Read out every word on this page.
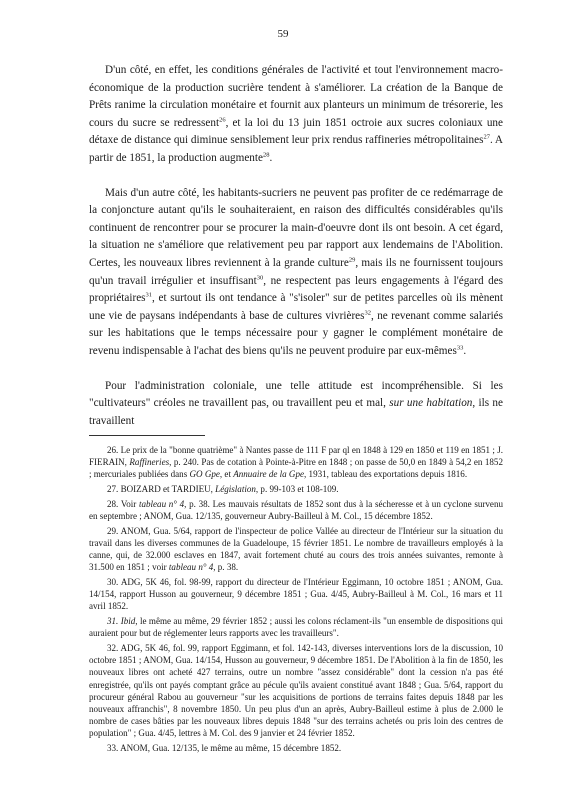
59

D'un côté, en effet, les conditions générales de l'activité et tout l'environnement macro-économique de la production sucrière tendent à s'améliorer. La création de la Banque de Prêts ranime la circulation monétaire et fournit aux planteurs un minimum de trésorerie, les cours du sucre se redressent$^{26}$, et la loi du 13 juin 1851 octroie aux sucres coloniaux une détaxe de distance qui diminue sensiblement leur prix rendus raffineries métropolitaines$^{27}$. A partir de 1851, la production augmente$^{28}$.

Mais d'un autre côté, les habitants-sucriers ne peuvent pas profiter de ce redémarrage de la conjoncture autant qu'ils le souhaiteraient, en raison des difficultés considérables qu'ils continuent de rencontrer pour se procurer la main-d'oeuvre dont ils ont besoin. A cet égard, la situation ne s'améliore que relativement peu par rapport aux lendemains de l'Abolition. Certes, les nouveaux libres reviennent à la grande culture$^{29}$, mais ils ne fournissent toujours qu'un travail irrégulier et insuffisant$^{30}$, ne respectent pas leurs engagements à l'égard des propriétaires$^{31}$, et surtout ils ont tendance à "s'isoler" sur de petites parcelles où ils mènent une vie de paysans indépendants à base de cultures vivrières$^{32}$, ne revenant comme salariés sur les habitations que le temps nécessaire pour y gagner le complément monétaire de revenu indispensable à l'achat des biens qu'ils ne peuvent produire par eux-mêmes$^{33}$.

Pour l'administration coloniale, une telle attitude est incompréhensible. Si les "cultivateurs" créoles ne travaillent pas, ou travaillent peu et mal, sur une habitation, ils ne travaillent

26. Le prix de la "bonne quatrième" à Nantes passe de 111 F par ql en 1848 à 129 en 1850 et 119 en 1851 ; J. FIERAIN, Raffineries, p. 240. Pas de cotation à Pointe-à-Pitre en 1848 ; on passe de 50,0 en 1849 à 54,2 en 1852 ; mercuriales publiées dans GO Gpe, et Annuaire de la Gpe, 1931, tableau des exportations depuis 1816.

27. BOIZARD et TARDIEU, Législation, p. 99-103 et 108-109.

28. Voir tableau n° 4, p. 38. Les mauvais résultats de 1852 sont dus à la sécheresse et à un cyclone survenu en septembre ; ANOM, Gua. 12/135, gouverneur Aubry-Bailleul à M. Col., 15 décembre 1852.

29. ANOM, Gua. 5/64, rapport de l'inspecteur de police Vallée au directeur de l'Intérieur sur la situation du travail dans les diverses communes de la Guadeloupe, 15 février 1851. Le nombre de travailleurs employés à la canne, qui, de 32.000 esclaves en 1847, avait fortement chuté au cours des trois années suivantes, remonte à 31.500 en 1851 ; voir tableau n° 4, p. 38.

30. ADG, 5K 46, fol. 98-99, rapport du directeur de l'Intérieur Eggimann, 10 octobre 1851 ; ANOM, Gua. 14/154, rapport Husson au gouverneur, 9 décembre 1851 ; Gua. 4/45, Aubry-Bailleul à M. Col., 16 mars et 11 avril 1852.

31. Ibid, le même au même, 29 février 1852 ; aussi les colons réclament-ils "un ensemble de dispositions qui auraient pour but de réglementer leurs rapports avec les travailleurs".

32. ADG, 5K 46, fol. 99, rapport Eggimann, et fol. 142-143, diverses interventions lors de la discussion, 10 octobre 1851 ; ANOM, Gua. 14/154, Husson au gouverneur, 9 décembre 1851. De l'Abolition à la fin de 1850, les nouveaux libres ont acheté 427 terrains, outre un nombre "assez considérable" dont la cession n'a pas été enregistrée, qu'ils ont payés comptant grâce au pécule qu'ils avaient constitué avant 1848 ; Gua. 5/64, rapport du procureur général Rabou au gouverneur "sur les acquisitions de portions de terrains faites depuis 1848 par les nouveaux affranchis", 8 novembre 1850. Un peu plus d'un an après, Aubry-Bailleul estime à plus de 2.000 le nombre de cases bâties par les nouveaux libres depuis 1848 "sur des terrains achetés ou pris loin des centres de population" ; Gua. 4/45, lettres à M. Col. des 9 janvier et 24 février 1852.

33. ANOM, Gua. 12/135, le même au même, 15 décembre 1852.
